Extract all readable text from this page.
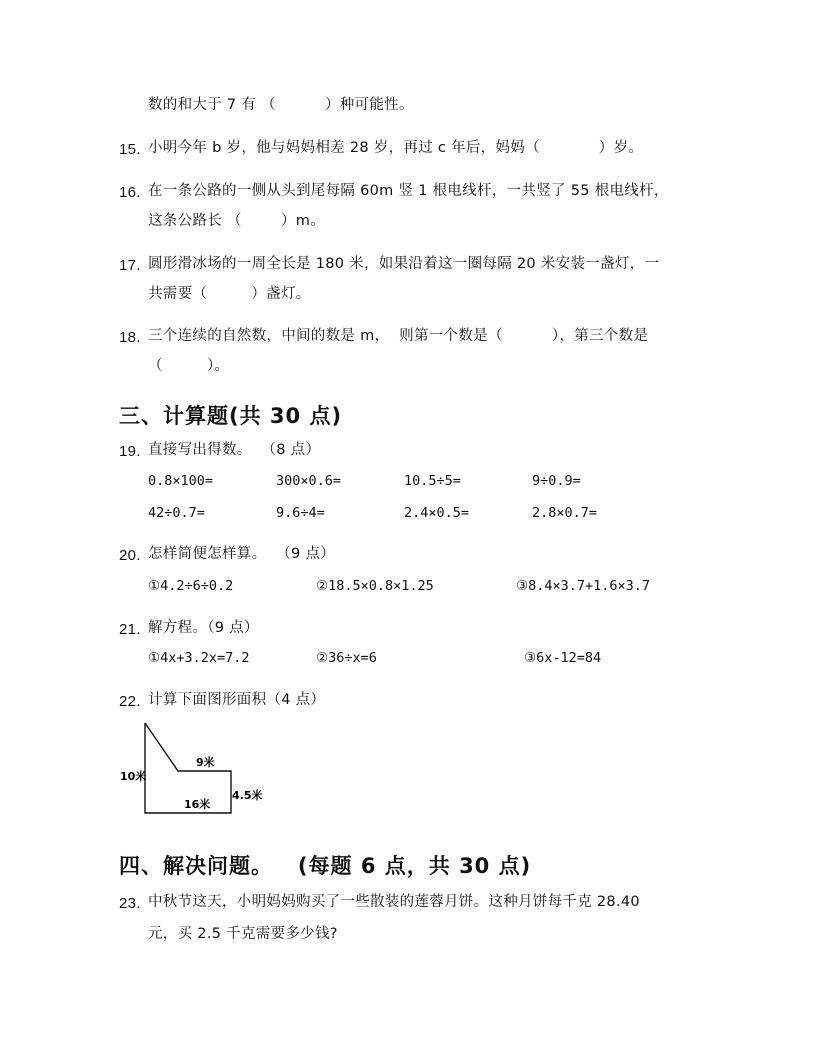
数的和大于 7 有 （          ）种可能性。
15. 小明今年 b 岁，他与妈妈相差 28 岁，再过 c 年后，妈妈（            ）岁。
16. 在一条公路的一侧从头到尾每隔 60m 竖 1 根电线杆，一共竖了 55 根电线杆，
这条公路长 （        ）m。
17. 圆形滑冰场的一周全长是 180 米，如果沿着这一圈每隔 20 米安装一盏灯，一
共需要（         ）盏灯。
18. 三个连续的自然数，中间的数是 m，  则第一个数是（          ），第三个数是
（         ）。
三、计算题(共 30 点)
19. 直接写出得数。  （8 点）
0.8×100=	300×0.6=	10.5÷5=	9÷0.9=
42÷0.7=	9.6÷4=	2.4×0.5=	2.8×0.7=
20. 怎样简便怎样算。  （9 点）
①4.2÷6÷0.2	②18.5×0.8×1.25	③8.4×3.7+1.6×3.7
21. 解方程。（9 点）
①4x+3.2x=7.2	②36÷x=6	③6x-12=84
22. 计算下面图形面积（4 点）
10米
9米
16米
4.5米
四、解决问题。   (每题 6 点，共 30 点)
23. 中秋节这天，小明妈妈购买了一些散装的莲蓉月饼。这种月饼每千克 28.40
元，买 2.5 千克需要多少钱?
